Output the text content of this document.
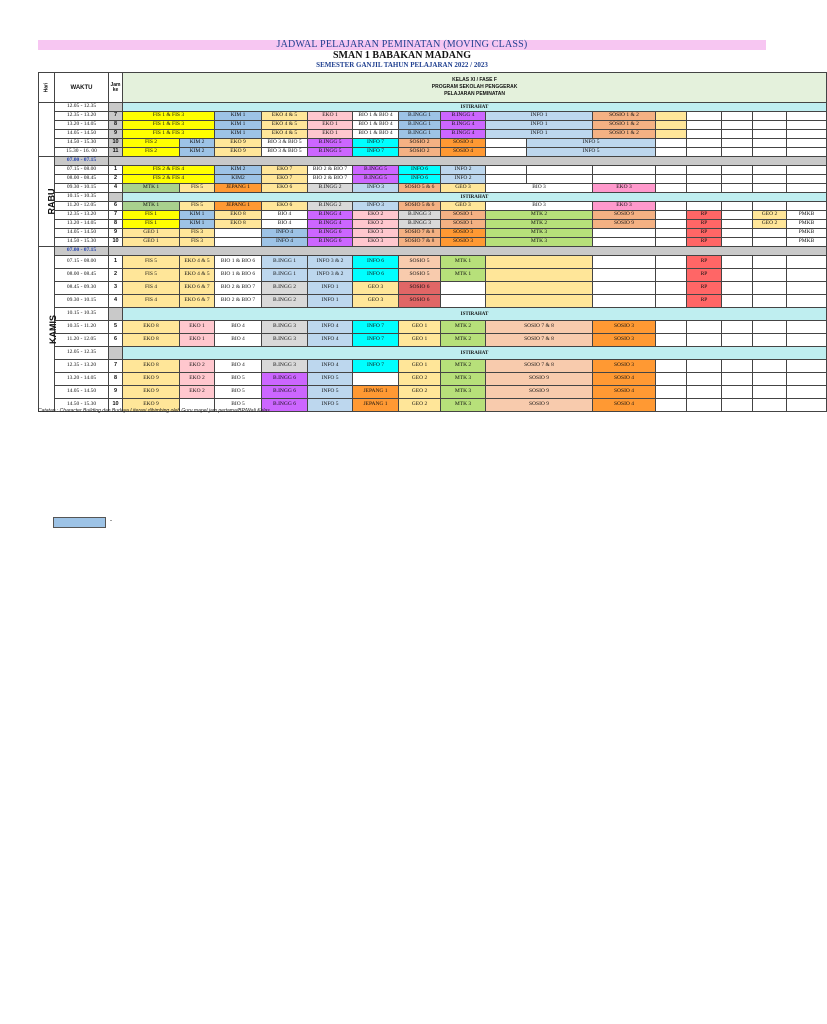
JADWAL PELAJARAN PEMINATAN (MOVING CLASS)
SMAN 1 BABAKAN MADANG
SEMESTER GANJIL TAHUN PELAJARAN 2022 / 2023
Hari	WAKTU	Jam ke	KELAS XI / FASE F
PROGRAM SEKOLAH PENGGERAK
PELAJARAN PEMINATAN																

	12.05 - 12.35		ISTIRAHAT																
	12.35 - 13.20	7	FIS 1 & FIS 3		KIM 1	EKO 4 & 5	EKO 1	BIO 1 & BIO 4	B.INGG 1	B.INGG 4	INFO 1		SOSIO 1 & 2						
	13.20 - 14.05	8	FIS 1 & FIS 3		KIM 1	EKO 4 & 5	EKO 1	BIO 1 & BIO 4	B.INGG 1	B.INGG 4	INFO 1		SOSIO 1 & 2						
	14.05 - 14.50	9	FIS 1 & FIS 3		KIM 1	EKO 4 & 5	EKO 1	BIO 1 & BIO 4	B.INGG 1	B.INGG 4	INFO 1		SOSIO 1 & 2						
	14.50 - 15.30	10	FIS 2	KIM 2	EKO 9	BIO 3 & BIO 5	B.INGG 5	INFO 7	SOSIO 2	SOSIO 4		INFO 5							
	15.30 - 16. 00	11	FIS 2	KIM 2	EKO 9	BIO 3 & BIO 5	B.INGG 5	INFO 7	SOSIO 2	SOSIO 4		INFO 5							
RABU	07.00 - 07.15																		
	07.15 - 08.00	1	FIS 2 & FIS 4		KIM 2	EKO 7	BIO 2 & BIO 7	B.INGG 5	INFO 6	INFO 2									
	08.00 - 08.45	2	FIS 2 & FIS 4		KIM2	EKO 7	BIO 2 & BIO 7	B.INGG 5	INFO 6	INFO 2									
	09.30 - 10.15	4	MTK 1	FIS 5	JEPANG 1	EKO 6	B.INGG 2	INFO 3	SOSIO 5 & 6	GEO 3	BIO 3		EKO 3						
	10.15 - 10.35		ISTIRAHAT																
	11.20 - 12.05	6	MTK 1	FIS 5	JEPANG 1	EKO 6	B.INGG 2	INFO 3	SOSIO 5 & 6	GEO 3	BIO 3		EKO 3						
	12.35 - 13.20	7	FIS 1	KIM 1	EKO 8	BIO 4	B.INGG 4	EKO 2	B.INGG 3	SOSIO 1	MTK 2		SOSIO 9		RP		GEO 2	PMKB	
	13.20 - 14.05	8	FIS 1	KIM 1	EKO 8	BIO 4	B.INGG 4	EKO 2	B.INGG 3	SOSIO 1	MTK 2		SOSIO 9		RP		GEO 2	PMKB	
	14.05 - 14.50	9	GEO 1	FIS 3		INFO 4	B.INGG 6	EKO 3	SOSIO 7 & 8	SOSIO 3	MTK 3				RP			PMKB	
	14.50 - 15.30	10	GEO 1	FIS 3		INFO 4	B.INGG 6	EKO 3	SOSIO 7 & 8	SOSIO 3	MTK 3				RP			PMKB	
KAMIS	07.00 - 07.15																		
	07.15 - 08.00	1	FIS 5	EKO 4 & 5	BIO 1 & BIO 6	B.INGG 1	INFO 3 & 2	INFO 6	SOSIO 5	MTK 1					RP				
	08.00 - 08.45	2	FIS 5	EKO 4 & 5	BIO 1 & BIO 6	B.INGG 1	INFO 3 & 2	INFO 6	SOSIO 5	MTK 1					RP				
	08.45 - 09.30	3	FIS 4	EKO 6 & 7	BIO 2 & BIO 7	B.INGG 2	INFO 1	GEO 3	SOSIO 6						RP				
	09.30 - 10.15	4	FIS 4	EKO 6 & 7	BIO 2 & BIO 7	B.INGG 2	INFO 1	GEO 3	SOSIO 6						RP				
	10.15 - 10.35		ISTIRAHAT																
	10.35 - 11.20	5	EKO 8	EKO 1	BIO 4	B.INGG 3	INFO 4	INFO 7	GEO 1	MTK 2	SOSIO 7 & 8		SOSIO 3						
	11.20 - 12.05	6	EKO 8	EKO 1	BIO 4	B.INGG 3	INFO 4	INFO 7	GEO 1	MTK 2	SOSIO 7 & 8		SOSIO 3						
	12.05 - 12.35		ISTIRAHAT																
	12.35 - 13.20	7	EKO 8	EKO 2	BIO 4	B.INGG 3	INFO 4	INFO 7	GEO 1	MTK 2	SOSIO 7 & 8		SOSIO 3						
	13.20 - 14.05	8	EKO 9	EKO 2	BIO 5	B.INGG 6	INFO 5		GEO 2	MTK 3	SOSIO 9		SOSIO 4						
	14.05 - 14.50	9	EKO 9	EKO 2	BIO 5	B.INGG 6	INFO 5	JEPANG 1	GEO 2	MTK 3	SOSIO 9		SOSIO 4						
	14.50 - 15.30	10	EKO 9		BIO 5	B.INGG 6	INFO 5	JEPANG 1	GEO 2	MTK 3	SOSIO 9		SOSIO 4						
Catatan : Character Building dan Budaya Literasi dibimbing oleh Guru mapel jam pertama/BP/Wali Kelas
-
